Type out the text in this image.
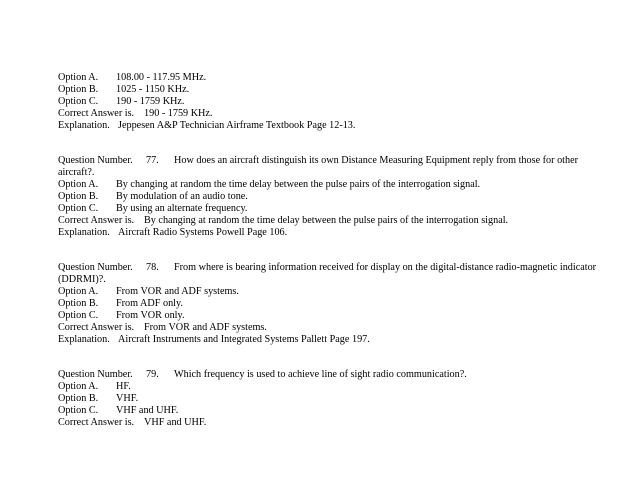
Option A. 108.00 - 117.95 MHz.
Option B. 1025 - 1150 KHz.
Option C. 190 - 1759 KHz.
Correct Answer is. 190 - 1759 KHz.
Explanation. Jeppesen A&P Technician Airframe Textbook Page 12-13.
Question Number. 77. How does an aircraft distinguish its own Distance Measuring Equipment reply from those for other
aircraft?.
Option A. By changing at random the time delay between the pulse pairs of the interrogation signal.
Option B. By modulation of an audio tone.
Option C. By using an alternate frequency.
Correct Answer is. By changing at random the time delay between the pulse pairs of the interrogation signal.
Explanation. Aircraft Radio Systems Powell Page 106.
Question Number. 78. From where is bearing information received for display on the digital-distance radio-magnetic indicator
(DDRMI)?.
Option A. From VOR and ADF systems.
Option B. From ADF only.
Option C. From VOR only.
Correct Answer is. From VOR and ADF systems.
Explanation. Aircraft Instruments and Integrated Systems Pallett Page 197.
Question Number. 79. Which frequency is used to achieve line of sight radio communication?.
Option A. HF.
Option B. VHF.
Option C. VHF and UHF.
Correct Answer is. VHF and UHF.
